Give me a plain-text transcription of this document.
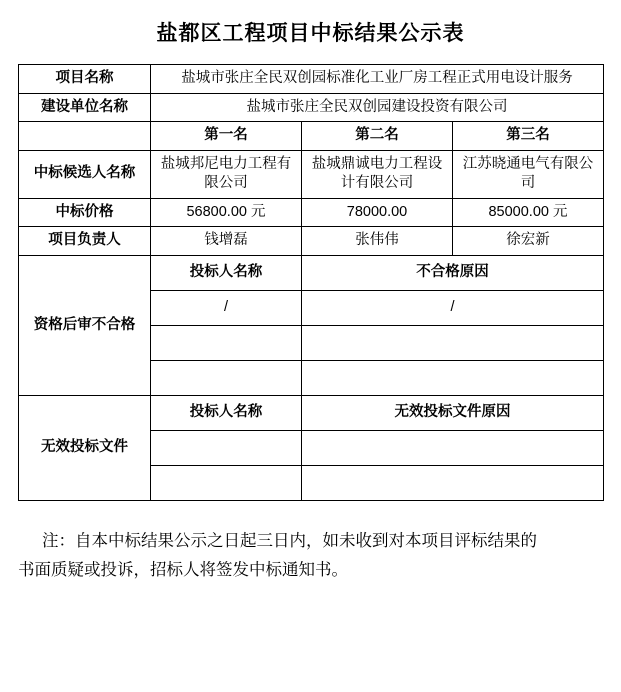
盐都区工程项目中标结果公示表
项目名称	盐城市张庄全民双创园标准化工业厂房工程正式用电设计服务		
建设单位名称	盐城市张庄全民双创园建设投资有限公司		
	第一名	第二名	第三名
中标候选人名称	盐城邦尼电力工程有限公司	盐城鼎诚电力工程设计有限公司	江苏晓通电气有限公司
中标价格	56800.00 元	78000.00	85000.00 元
项目负责人	钱增磊	张伟伟	徐宏新
资格后审不合格	投标人名称	不合格原因	
	/	/	

无效投标文件	投标人名称	无效投标文件原因	

注：自本中标结果公示之日起三日内，如未收到对本项目评标结果的
书面质疑或投诉，招标人将签发中标通知书。
